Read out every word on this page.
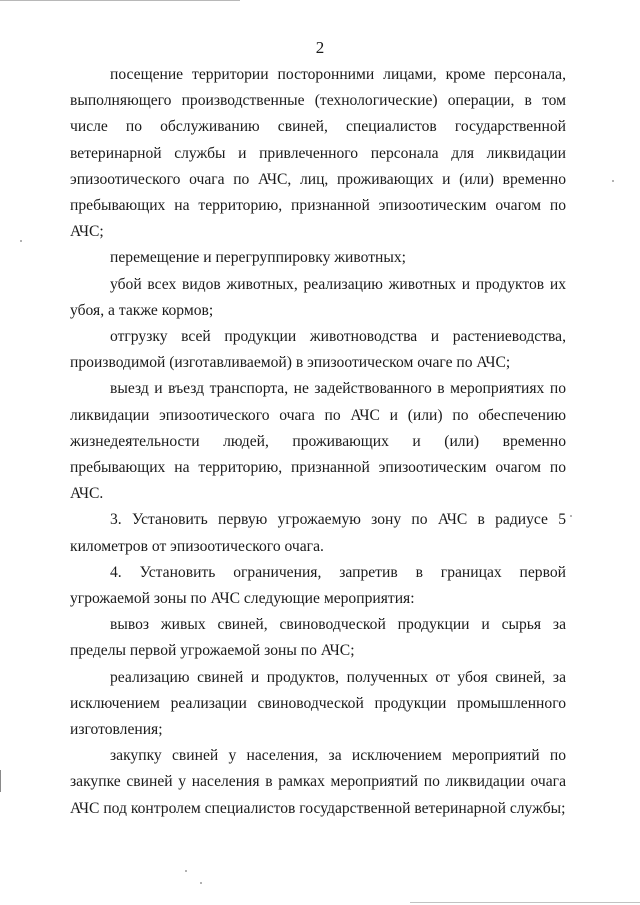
2

посещение территории посторонними лицами, кроме персонала, выполняющего производственные (технологические) операции, в том числе по обслуживанию свиней, специалистов государственной ветеринарной службы и привлеченного персонала для ликвидации эпизоотического очага по АЧС, лиц, проживающих и (или) временно пребывающих на территорию, признанной эпизоотическим очагом по АЧС;

перемещение и перегруппировку животных;

убой всех видов животных, реализацию животных и продуктов их убоя, а также кормов;

отгрузку всей продукции животноводства и растениеводства, производимой (изготавливаемой) в эпизоотическом очаге по АЧС;

выезд и въезд транспорта, не задействованного в мероприятиях по ликвидации эпизоотического очага по АЧС и (или) по обеспечению жизнедеятельности людей, проживающих и (или) временно пребывающих на территорию, признанной эпизоотическим очагом по АЧС.

3. Установить первую угрожаемую зону по АЧС в радиусе 5 километров от эпизоотического очага.

4. Установить ограничения, запретив в границах первой угрожаемой зоны по АЧС следующие мероприятия:

вывоз живых свиней, свиноводческой продукции и сырья за пределы первой угрожаемой зоны по АЧС;

реализацию свиней и продуктов, полученных от убоя свиней, за исключением реализации свиноводческой продукции промышленного изготовления;

закупку свиней у населения, за исключением мероприятий по закупке свиней у населения в рамках мероприятий по ликвидации очага АЧС под контролем специалистов государственной ветеринарной службы;
